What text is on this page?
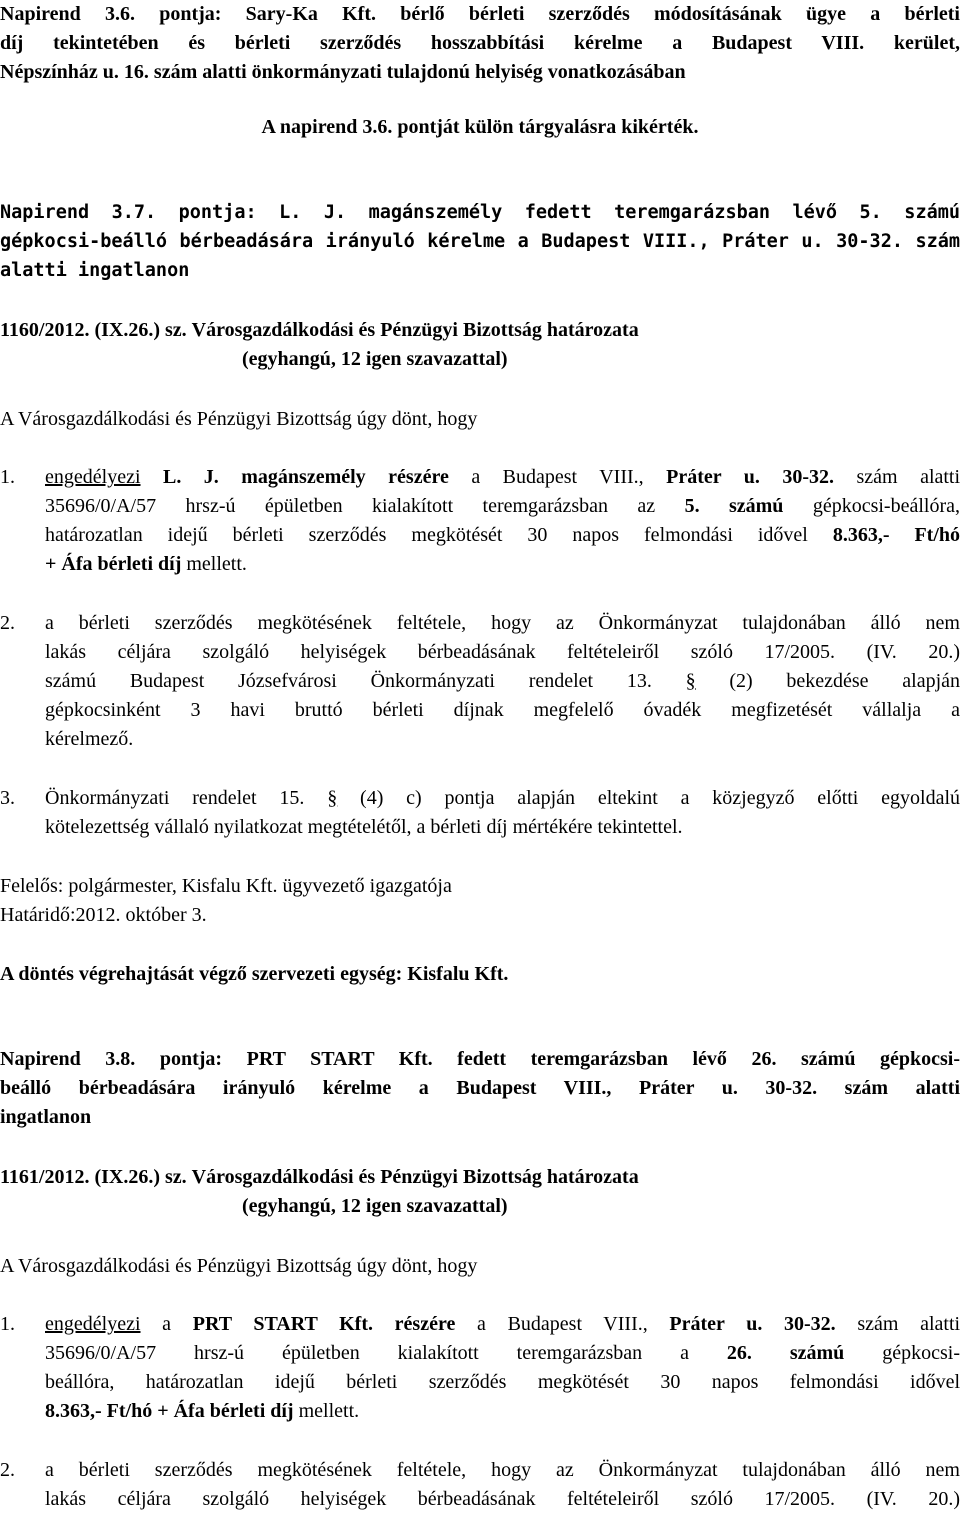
Napirend 3.6. pontja: Sary-Ka Kft. bérlő bérleti szerződés módosításának ügye a bérleti
díj tekintetében és bérleti szerződés hosszabbítási kérelme a Budapest VIII. kerület,
Népszínház u. 16. szám alatti önkormányzati tulajdonú helyiség vonatkozásában
A napirend 3.6. pontját külön tárgyalásra kikérték.
Napirend 3.7. pontja: L. J. magánszemély fedett teremgarázsban lévő 5. számú
gépkocsi-beálló bérbeadására irányuló kérelme a Budapest VIII., Práter u. 30-32. szám
alatti ingatlanon
1160/2012. (IX.26.) sz. Városgazdálkodási és Pénzügyi Bizottság határozata
(egyhangú, 12 igen szavazattal)
A Városgazdálkodási és Pénzügyi Bizottság úgy dönt, hogy
1. engedélyezi L. J. magánszemély részére a Budapest VIII., Práter u. 30-32. szám alatti
35696/0/A/57 hrsz-ú épületben kialakított teremgarázsban az 5. számú gépkocsi-beállóra,
határozatlan idejű bérleti szerződés megkötését 30 napos felmondási idővel 8.363,- Ft/hó
+ Áfa bérleti díj mellett.
2. a bérleti szerződés megkötésének feltétele, hogy az Önkormányzat tulajdonában álló nem
lakás céljára szolgáló helyiségek bérbeadásának feltételeiről szóló 17/2005. (IV. 20.)
számú Budapest Józsefvárosi Önkormányzati rendelet 13. § (2) bekezdése alapján
gépkocsinként 3 havi bruttó bérleti díjnak megfelelő óvadék megfizetését vállalja a
kérelmező.
3. Önkormányzati rendelet 15. § (4) c) pontja alapján eltekint a közjegyző előtti egyoldalú
kötelezettség vállaló nyilatkozat megtételétől, a bérleti díj mértékére tekintettel.
Felelős: polgármester, Kisfalu Kft. ügyvezető igazgatója
Határidő:2012. október 3.
A döntés végrehajtását végző szervezeti egység: Kisfalu Kft.
Napirend 3.8. pontja: PRT START Kft. fedett teremgarázsban lévő 26. számú gépkocsi-
beálló bérbeadására irányuló kérelme a Budapest VIII., Práter u. 30-32. szám alatti
ingatlanon
1161/2012. (IX.26.) sz. Városgazdálkodási és Pénzügyi Bizottság határozata
(egyhangú, 12 igen szavazattal)
A Városgazdálkodási és Pénzügyi Bizottság úgy dönt, hogy
1. engedélyezi a PRT START Kft. részére a Budapest VIII., Práter u. 30-32. szám alatti
35696/0/A/57 hrsz-ú épületben kialakított teremgarázsban a 26. számú gépkocsi-
beállóra, határozatlan idejű bérleti szerződés megkötését 30 napos felmondási idővel
8.363,- Ft/hó + Áfa bérleti díj mellett.
2. a bérleti szerződés megkötésének feltétele, hogy az Önkormányzat tulajdonában álló nem
lakás céljára szolgáló helyiségek bérbeadásának feltételeiről szóló 17/2005. (IV. 20.)
